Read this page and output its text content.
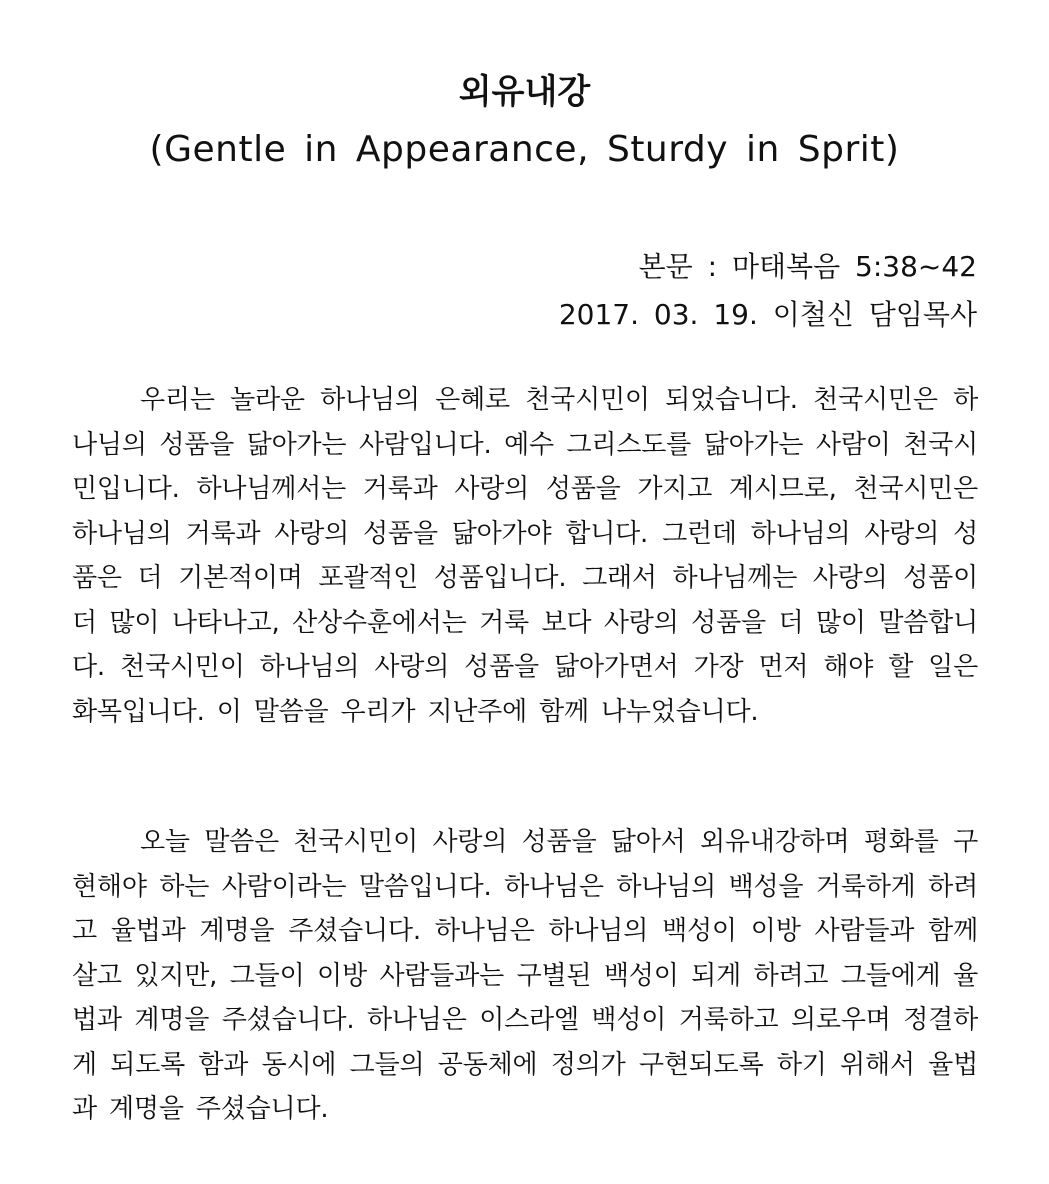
외유내강
(Gentle in Appearance, Sturdy in Sprit)

본문 : 마태복음 5:38~42

2017. 03. 19. 이철신 담임목사

우리는 놀라운 하나님의 은혜로 천국시민이 되었습니다. 천국시민은 하나님의 성품을 닮아가는 사람입니다. 예수 그리스도를 닮아가는 사람이 천국시민입니다. 하나님께서는 거룩과 사랑의 성품을 가지고 계시므로, 천국시민은 하나님의 거룩과 사랑의 성품을 닮아가야 합니다. 그런데 하나님의 사랑의 성품은 더 기본적이며 포괄적인 성품입니다. 그래서 하나님께는 사랑의 성품이 더 많이 나타나고, 산상수훈에서는 거룩 보다 사랑의 성품을 더 많이 말씀합니다. 천국시민이 하나님의 사랑의 성품을 닮아가면서 가장 먼저 해야 할 일은 화목입니다. 이 말씀을 우리가 지난주에 함께 나누었습니다.

오늘 말씀은 천국시민이 사랑의 성품을 닮아서 외유내강하며 평화를 구현해야 하는 사람이라는 말씀입니다. 하나님은 하나님의 백성을 거룩하게 하려고 율법과 계명을 주셨습니다. 하나님은 하나님의 백성이 이방 사람들과 함께 살고 있지만, 그들이 이방 사람들과는 구별된 백성이 되게 하려고 그들에게 율법과 계명을 주셨습니다. 하나님은 이스라엘 백성이 거룩하고 의로우며 정결하게 되도록 함과 동시에 그들의 공동체에 정의가 구현되도록 하기 위해서 율법과 계명을 주셨습니다.
